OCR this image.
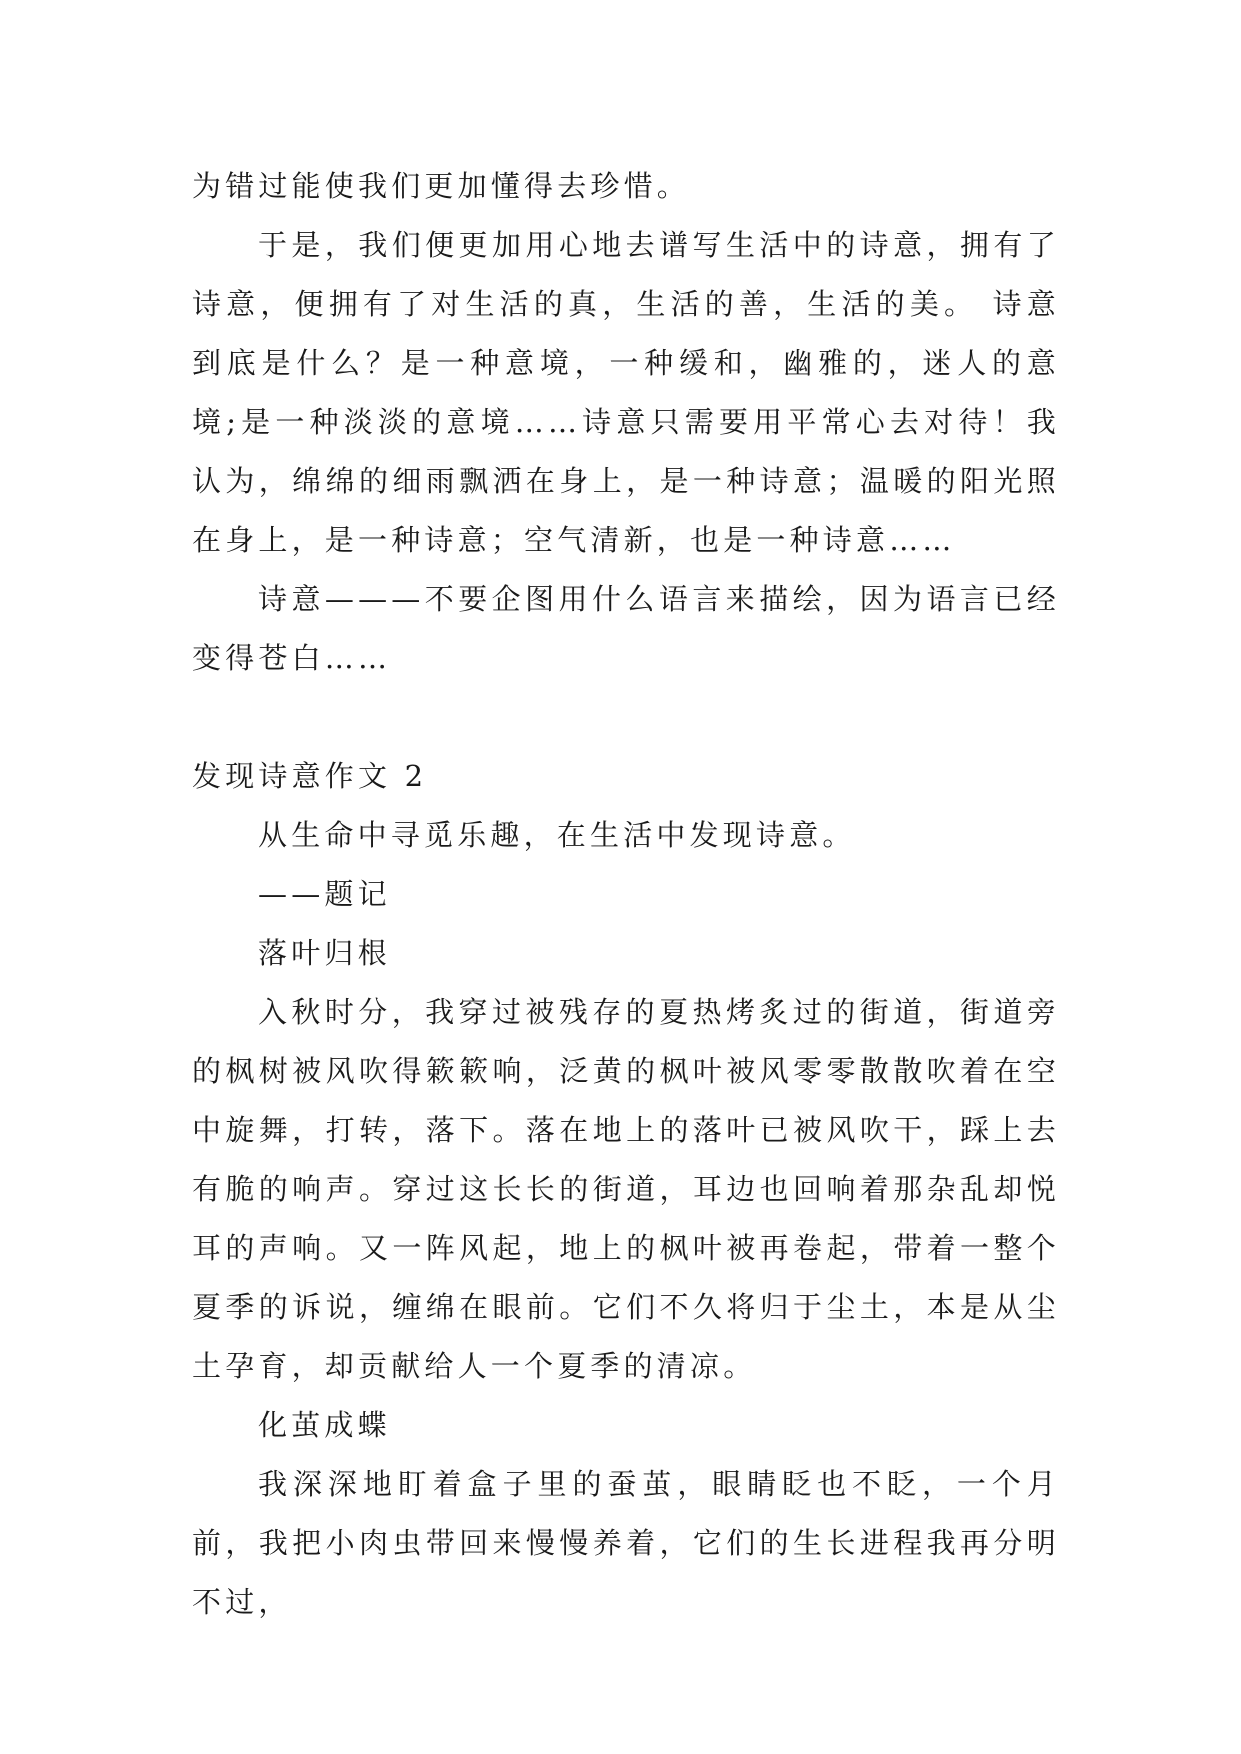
为错过能使我们更加懂得去珍惜。

于是，我们便更加用心地去谱写生活中的诗意，拥有了诗意，便拥有了对生活的真，生活的善，生活的美。 诗意到底是什么？是一种意境，一种缓和，幽雅的，迷人的意境;是一种淡淡的意境……诗意只需要用平常心去对待！我认为，绵绵的细雨飘洒在身上，是一种诗意；温暖的阳光照在身上，是一种诗意；空气清新，也是一种诗意……

诗意———不要企图用什么语言来描绘，因为语言已经变得苍白……

发现诗意作文 2

从生命中寻觅乐趣，在生活中发现诗意。

——题记

落叶归根

入秋时分，我穿过被残存的夏热烤炙过的街道，街道旁的枫树被风吹得簌簌响，泛黄的枫叶被风零零散散吹着在空中旋舞，打转，落下。落在地上的落叶已被风吹干，踩上去有脆的响声。穿过这长长的街道，耳边也回响着那杂乱却悦耳的声响。又一阵风起，地上的枫叶被再卷起，带着一整个夏季的诉说，缠绵在眼前。它们不久将归于尘土，本是从尘土孕育，却贡献给人一个夏季的清凉。

化茧成蝶

我深深地盯着盒子里的蚕茧，眼睛眨也不眨，一个月前，我把小肉虫带回来慢慢养着，它们的生长进程我再分明不过，
